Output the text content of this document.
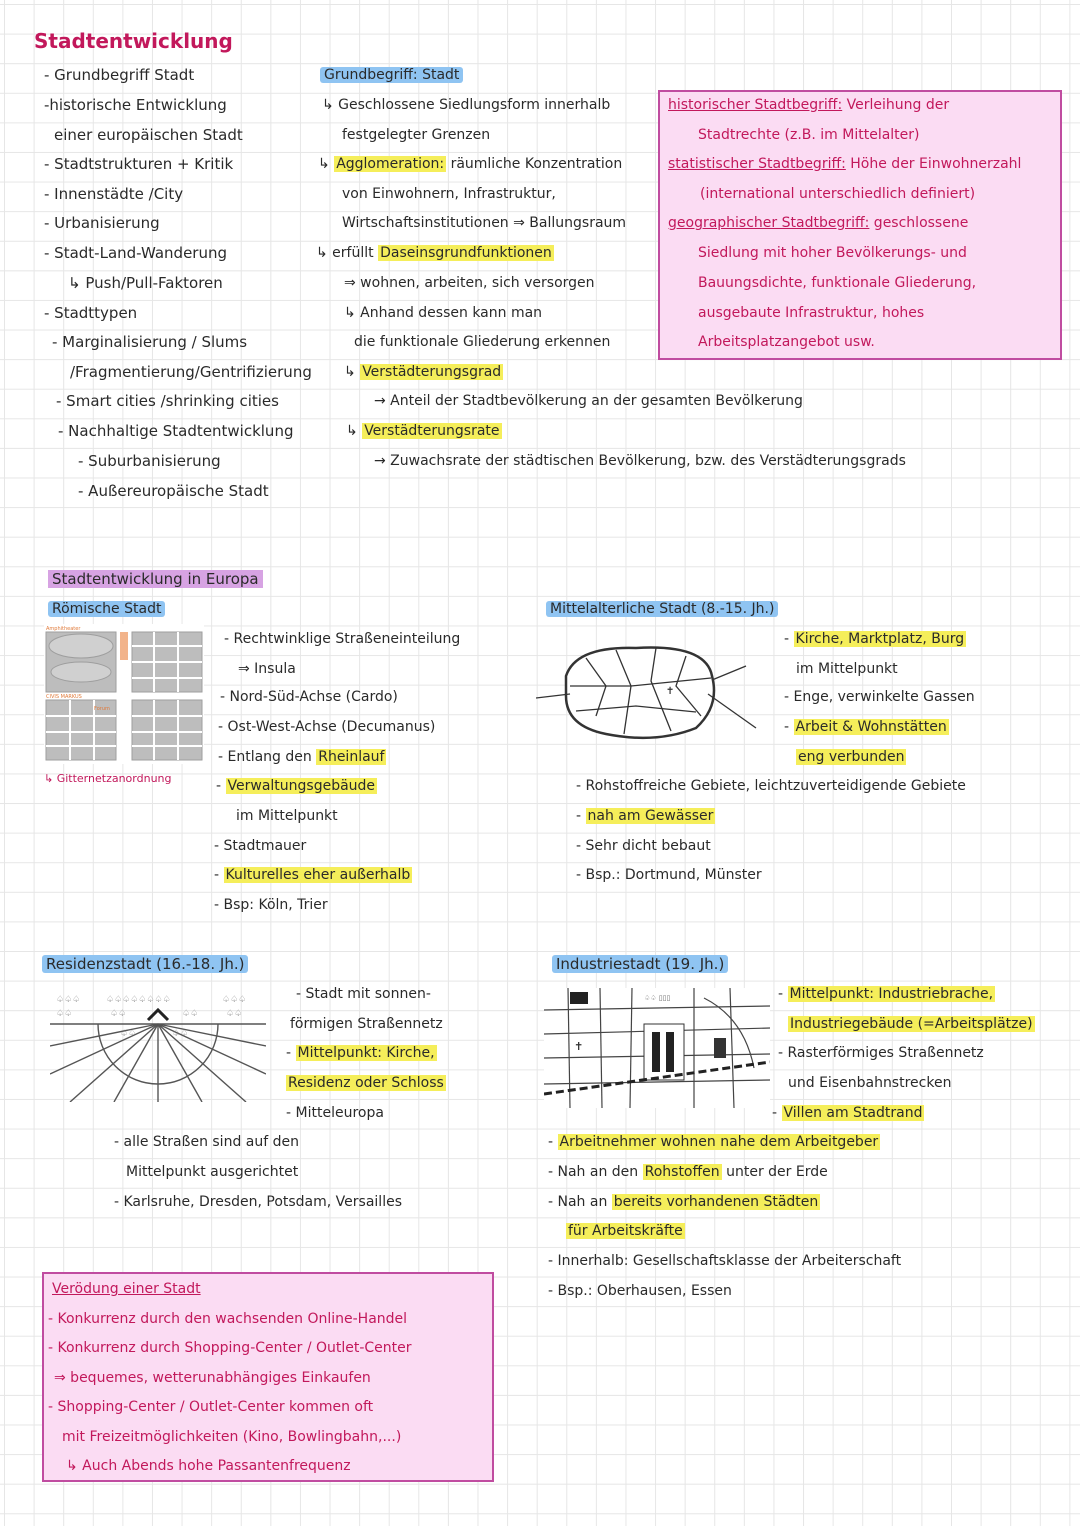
Stadtentwicklung
- Grundbegriff Stadt
-historische Entwicklung
einer europäischen Stadt
- Stadtstrukturen + Kritik
- Innenstädte /City
- Urbanisierung
- Stadt-Land-Wanderung
↳ Push/Pull-Faktoren
- Stadttypen
- Marginalisierung / Slums
/Fragmentierung/Gentrifizierung
- Smart cities /shrinking cities
- Nachhaltige Stadtentwicklung
- Suburbanisierung
- Außereuropäische Stadt
Grundbegriff: Stadt
↳ Geschlossene Siedlungsform innerhalb
festgelegter Grenzen
↳ Agglomeration: räumliche Konzentration
von Einwohnern, Infrastruktur,
Wirtschaftsinstitutionen ⇒ Ballungsraum
↳ erfüllt Daseinsgrundfunktionen
⇒ wohnen, arbeiten, sich versorgen
↳ Anhand dessen kann man
die funktionale Gliederung erkennen
↳ Verstädterungsgrad
→ Anteil der Stadtbevölkerung an der gesamten Bevölkerung
↳ Verstädterungsrate
→ Zuwachsrate der städtischen Bevölkerung, bzw. des Verstädterungsgrads
historischer Stadtbegriff: Verleihung der
Stadtrechte (z.B. im Mittelalter)
statistischer Stadtbegriff: Höhe der Einwohnerzahl
(international unterschiedlich definiert)
geographischer Stadtbegriff: geschlossene
Siedlung mit hoher Bevölkerungs- und
Bauungsdichte, funktionale Gliederung,
ausgebaute Infrastruktur, hohes
Arbeitsplatzangebot usw.
Stadtentwicklung in Europa
Römische Stadt
Amphitheater
CIVIS MARKUS
Forum
↳ Gitternetzanordnung
- Rechtwinklige Straßeneinteilung
⇒ Insula
- Nord-Süd-Achse (Cardo)
- Ost-West-Achse (Decumanus)
- Entlang den Rheinlauf
- Verwaltungsgebäude
im Mittelpunkt
- Stadtmauer
- Kulturelles eher außerhalb
- Bsp: Köln, Trier
Mittelalterliche Stadt (8.-15. Jh.)
✝
- Kirche, Marktplatz, Burg
im Mittelpunkt
- Enge, verwinkelte Gassen
- Arbeit & Wohnstätten
eng verbunden
- Rohstoffreiche Gebiete, leichtzuverteidigende Gebiete
- nah am Gewässer
- Sehr dicht bebaut
- Bsp.: Dortmund, Münster
Residenzstadt (16.-18. Jh.)
♤♤♤
♤♤
♤♤♤♤♤♤♤♤
♤♤	♤♤
♤♤♤
♤♤
♤♤	♤♤
- Stadt mit sonnen-
förmigen Straßennetz
- Mittelpunkt: Kirche,
Residenz oder Schloss
- Mitteleuropa
- alle Straßen sind auf den
Mittelpunkt ausgerichtet
- Karlsruhe, Dresden, Potsdam, Versailles
Industriestadt (19. Jh.)
✝
♤♤ ▯▯▯	- Mittelpunkt: Industriebrache,
Industriegebäude (=Arbeitsplätze)
- Rasterförmiges Straßennetz
und Eisenbahnstrecken
- Villen am Stadtrand
- Arbeitnehmer wohnen nahe dem Arbeitgeber
- Nah an den Rohstoffen unter der Erde
- Nah an bereits vorhandenen Städten
für Arbeitskräfte
- Innerhalb: Gesellschaftsklasse der Arbeiterschaft
- Bsp.: Oberhausen, Essen
Verödung einer Stadt
- Konkurrenz durch den wachsenden Online-Handel
- Konkurrenz durch Shopping-Center / Outlet-Center
⇒ bequemes, wetterunabhängiges Einkaufen
- Shopping-Center / Outlet-Center kommen oft
mit Freizeitmöglichkeiten (Kino, Bowlingbahn,...)
↳ Auch Abends hohe Passantenfrequenz
